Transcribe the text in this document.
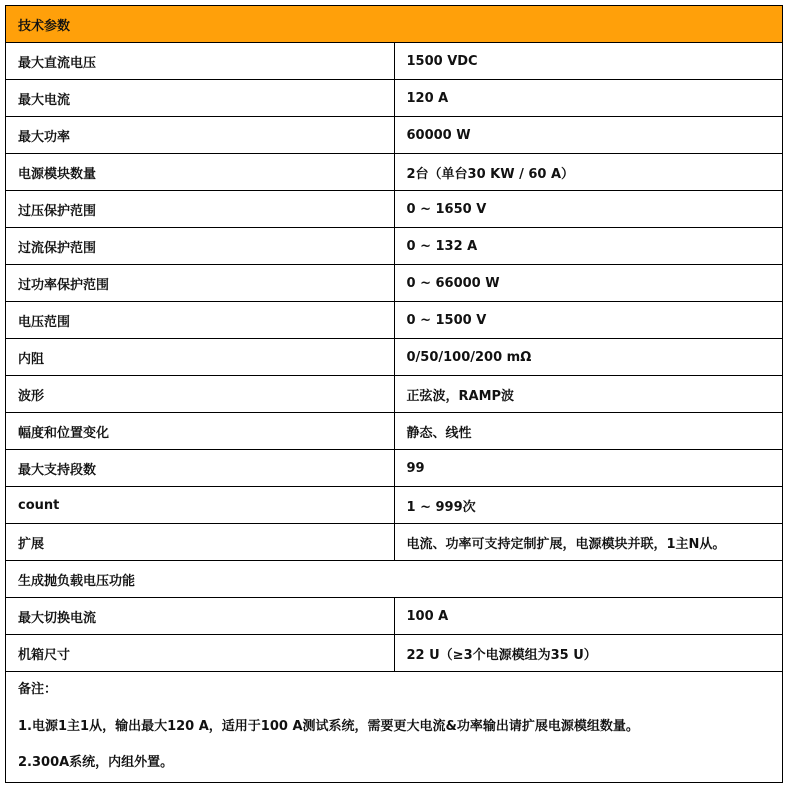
技术参数	
最大直流电压	1500 VDC
最大电流	120 A
最大功率	60000 W
电源模块数量	2台（单台30 KW / 60 A）
过压保护范围	0 ~ 1650 V
过流保护范围	0 ~ 132 A
过功率保护范围	0 ~ 66000 W
电压范围	0 ~ 1500 V
内阻	0/50/100/200 mΩ
波形	正弦波，RAMP波
幅度和位置变化	静态、线性
最大支持段数	99
count	1 ~ 999次
扩展	电流、功率可支持定制扩展，电源模块并联，1主N从。
生成抛负载电压功能	
最大切换电流	100 A
机箱尺寸	22 U（≥3个电源模组为35 U）

备注：
1.电源1主1从，输出最大120 A，适用于100 A测试系统，需要更大电流&功率输出请扩展电源模组数量。
2.300A系统，内组外置。	
